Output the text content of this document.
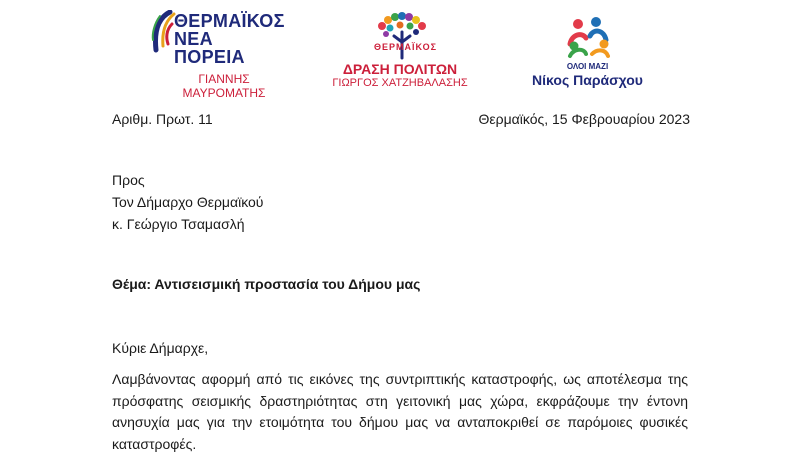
ΘΕΡΜΑΪΚΟΣ
ΝΕΑ ΠΟΡΕΙΑ
ΓΙΑΝΝΗΣ
ΜΑΥΡΟΜΑΤΗΣ
ΘΕΡΜΑΪΚΟΣ
ΔΡΑΣΗ ΠΟΛΙΤΩΝ
ΓΙΩΡΓΟΣ ΧΑΤΖΗΒΑΛΑΣΗΣ
ΟΛΟΙ ΜΑΖΙ
Νίκος Παράσχου
Αριθμ. Πρωτ. 11	Θερμαϊκός, 15 Φεβρουαρίου 2023
Προς
Τον Δήμαρχο Θερμαϊκού
κ. Γεώργιο Τσαμασλή
Θέμα: Αντισεισμική προστασία του Δήμου μας
Κύριε Δήμαρχε,
Λαμβάνοντας αφορμή από τις εικόνες της συντριπτικής καταστροφής, ως αποτέλεσμα της πρόσφατης σεισμικής δραστηριότητας στη γειτονική μας χώρα, εκφράζουμε την έντονη ανησυχία μας για την ετοιμότητα του δήμου μας να ανταποκριθεί σε παρόμοιες φυσικές καταστροφές.
